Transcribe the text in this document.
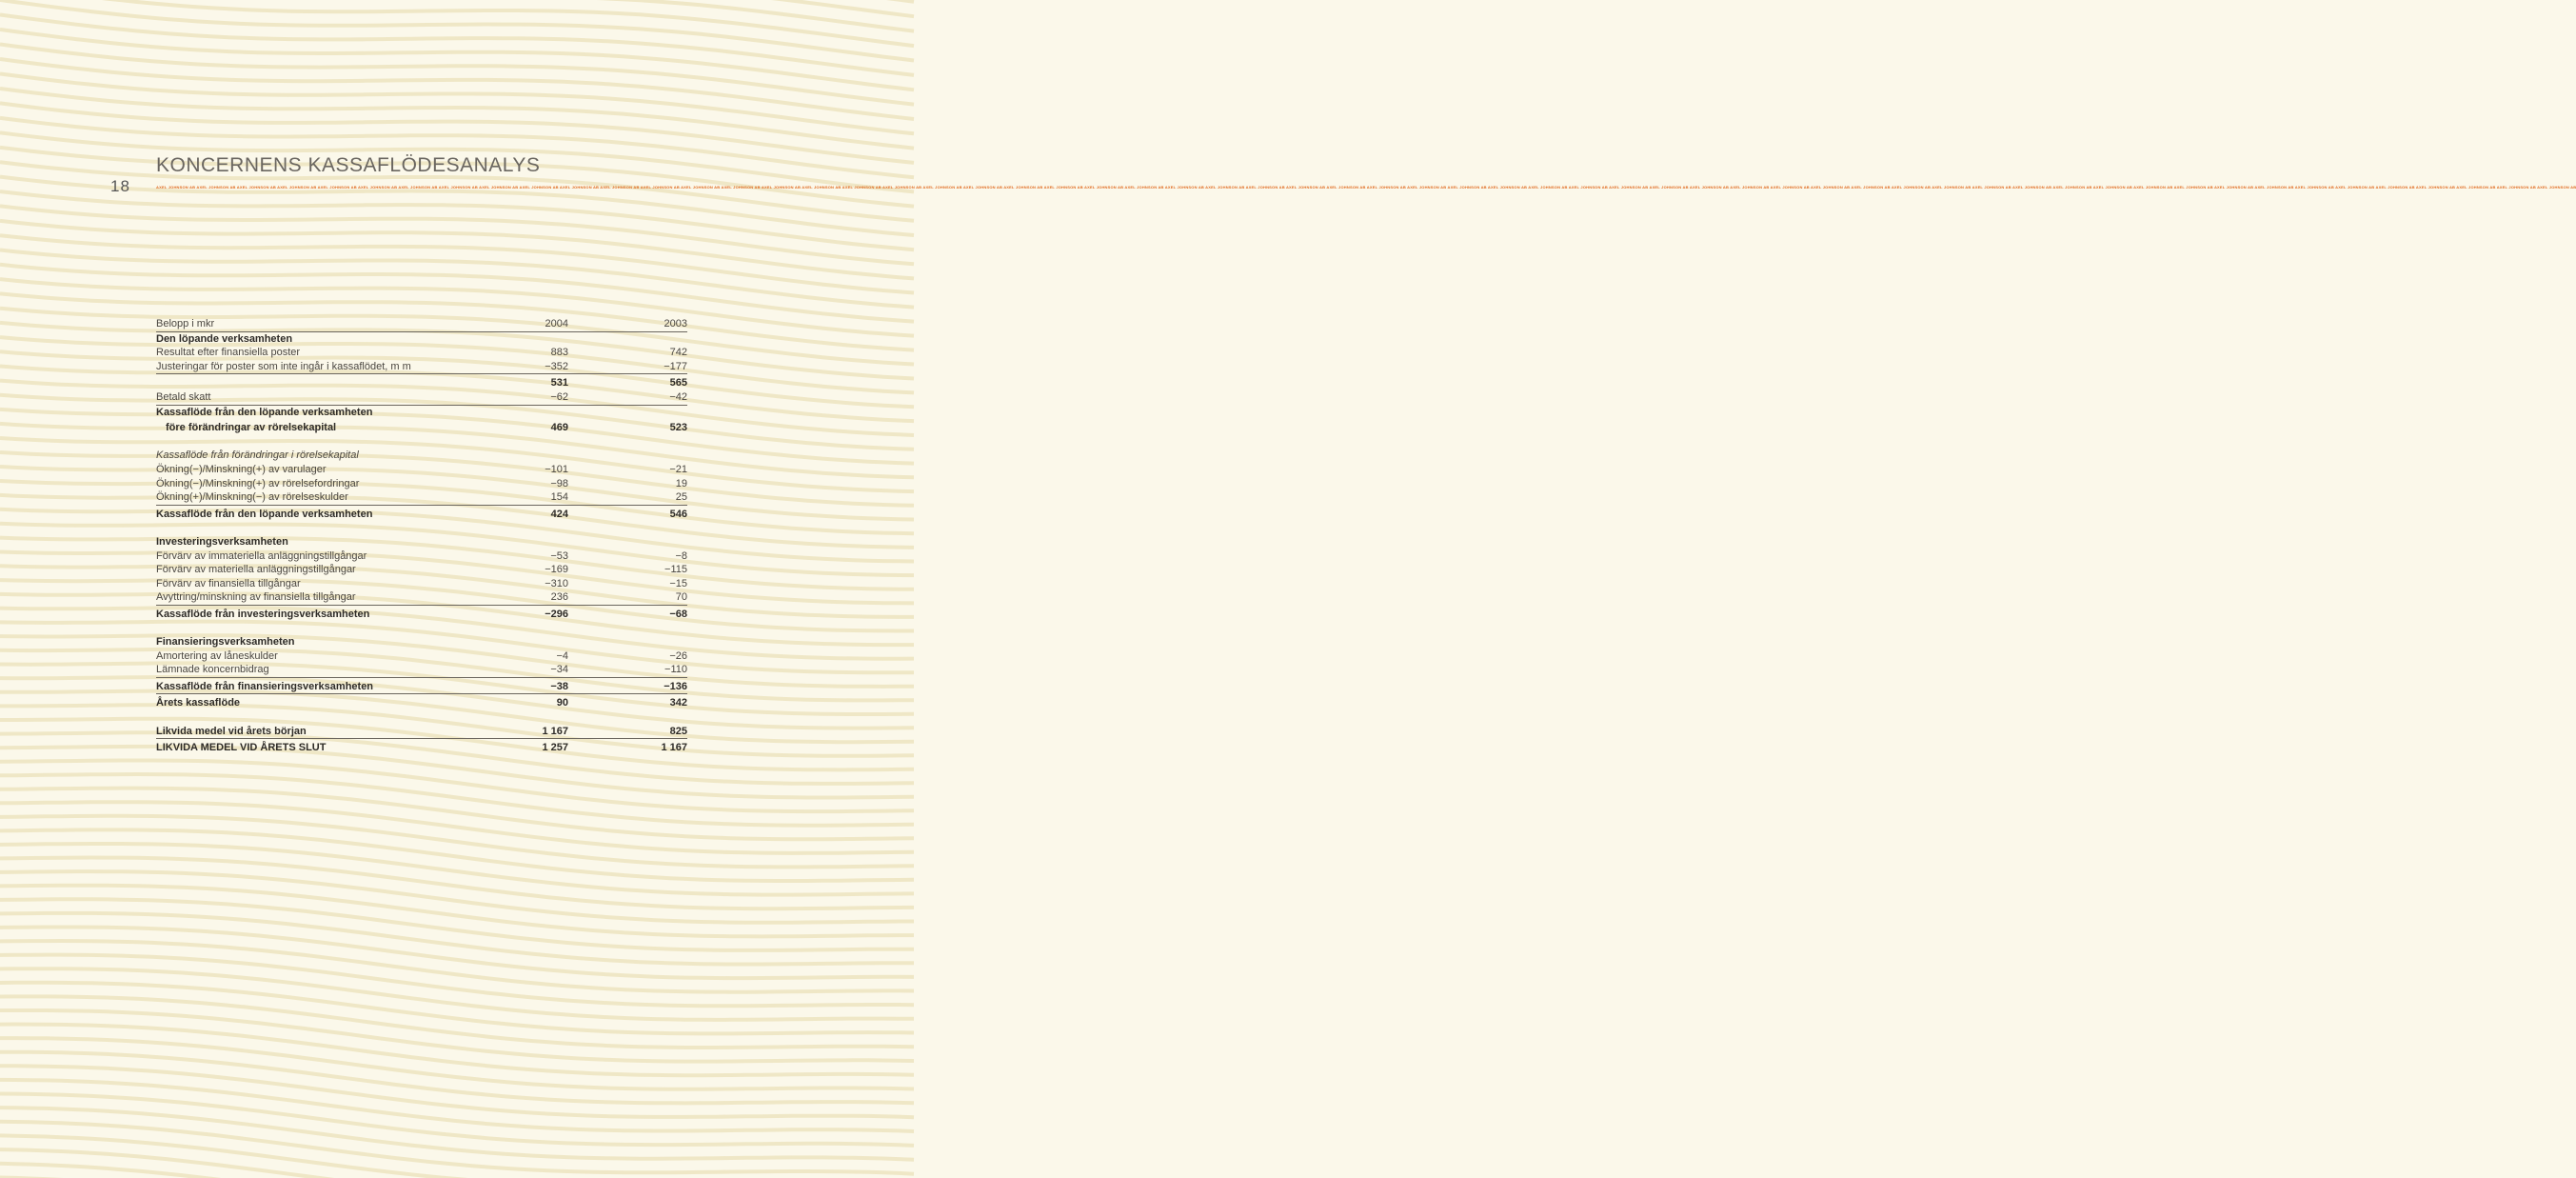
18
KONCERNENS KASSAFLÖDESANALYS
AXEL JOHNSON AB AXEL JOHNSON AB AXEL JOHNSON AB AXEL JOHNSON AB AXEL JOHNSON AB AXEL JOHNSON AB AXEL JOHNSON AB AXEL JOHNSON AB AXEL JOHNSON AB AXEL JOHNSON AB AXEL JOHNSON AB AXEL JOHNSON AB AXEL JOHNSON AB AXEL JOHNSON AB AXEL JOHNSON AB AXEL JOHNSON AB AXEL JOHNSON AB AXEL JOHNSON AB AXEL JOHNSON AB AXEL JOHNSON AB AXEL JOHNSON AB AXEL JOHNSON AB AXEL JOHNSON AB AXEL JOHNSON AB AXEL JOHNSON AB AXEL JOHNSON AB AXEL JOHNSON AB AXEL JOHNSON AB AXEL JOHNSON AB AXEL JOHNSON AB AXEL JOHNSON AB AXEL JOHNSON AB AXEL JOHNSON AB AXEL JOHNSON AB AXEL JOHNSON AB AXEL JOHNSON AB AXEL JOHNSON AB AXEL JOHNSON AB AXEL JOHNSON AB AXEL JOHNSON AB AXEL JOHNSON AB AXEL JOHNSON AB AXEL JOHNSON AB AXEL JOHNSON AB AXEL JOHNSON AB AXEL JOHNSON AB AXEL JOHNSON AB AXEL JOHNSON AB AXEL JOHNSON AB AXEL JOHNSON AB AXEL JOHNSON AB AXEL JOHNSON AB AXEL JOHNSON AB AXEL JOHNSON AB AXEL JOHNSON AB AXEL JOHNSON AB AXEL JOHNSON AB AXEL JOHNSON AB AXEL JOHNSON AB AXEL JOHNSON AB
Belopp i mkr	2004	2003
Den löpande verksamheten
Resultat efter finansiella poster	883	742
Justeringar för poster som inte ingår i kassaflödet, m m	−352	−177
531	565
Betald skatt	−62	−42
Kassaflöde från den löpande verksamheten
före förändringar av rörelsekapital	469	523
Kassaflöde från förändringar i rörelsekapital
Ökning(−)/Minskning(+) av varulager	−101	−21
Ökning(−)/Minskning(+) av rörelsefordringar	−98	19
Ökning(+)/Minskning(−) av rörelseskulder	154	25
Kassaflöde från den löpande verksamheten	424	546
Investeringsverksamheten
Förvärv av immateriella anläggningstillgångar	−53	−8
Förvärv av materiella anläggningstillgångar	−169	−115
Förvärv av finansiella tillgångar	−310	−15
Avyttring/minskning av finansiella tillgångar	236	70
Kassaflöde från investeringsverksamheten	−296	−68
Finansieringsverksamheten
Amortering av låneskulder	−4	−26
Lämnade koncernbidrag	−34	−110
Kassaflöde från finansieringsverksamheten	−38	−136
Årets kassaflöde	90	342
Likvida medel vid årets början	1 167	825
LIKVIDA MEDEL VID ÅRETS SLUT	1 257	1 167
